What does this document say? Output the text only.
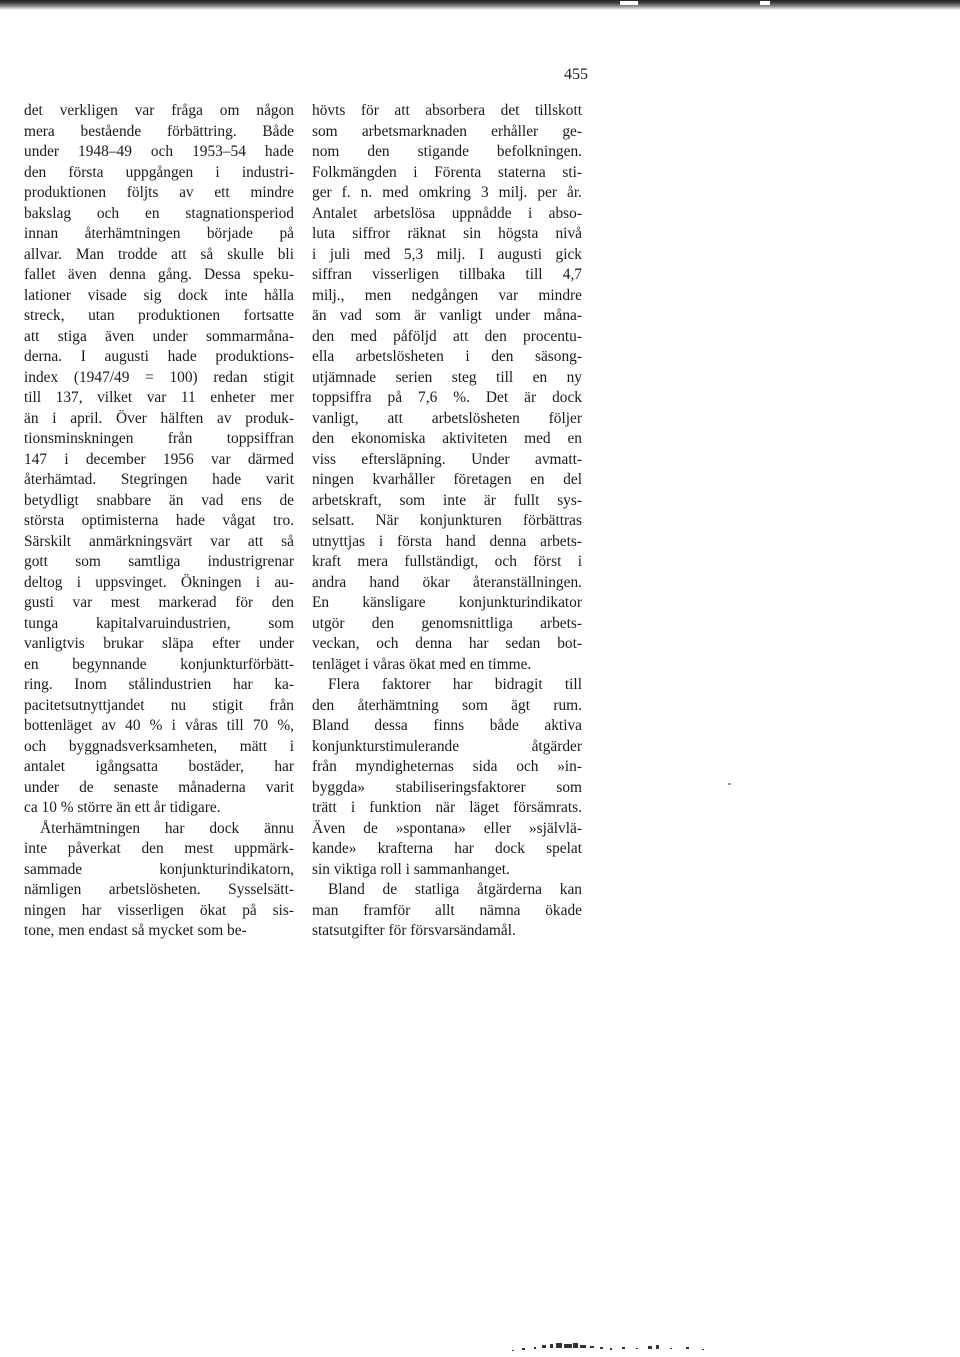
455
det verkligen var fråga om någon
mera bestående förbättring. Både
under 1948–49 och 1953–54 hade
den första uppgången i industri-
produktionen följts av ett mindre
bakslag och en stagnationsperiod
innan återhämtningen började på
allvar. Man trodde att så skulle bli
fallet även denna gång. Dessa speku-
lationer visade sig dock inte hålla
streck, utan produktionen fortsatte
att stiga även under sommarmåna-
derna. I augusti hade produktions-
index (1947/49 = 100) redan stigit
till 137, vilket var 11 enheter mer
än i april. Över hälften av produk-
tionsminskningen från toppsiffran
147 i december 1956 var därmed
återhämtad. Stegringen hade varit
betydligt snabbare än vad ens de
största optimisterna hade vågat tro.
Särskilt anmärkningsvärt var att så
gott som samtliga industrigrenar
deltog i uppsvinget. Ökningen i au-
gusti var mest markerad för den
tunga kapitalvaruindustrien, som
vanligtvis brukar släpa efter under
en begynnande konjunkturförbätt-
ring. Inom stålindustrien har ka-
pacitetsutnyttjandet nu stigit från
bottenläget av 40 % i våras till 70 %,
och byggnadsverksamheten, mätt i
antalet igångsatta bostäder, har
under de senaste månaderna varit
ca 10 % större än ett år tidigare.
Återhämtningen har dock ännu
inte påverkat den mest uppmärk-
sammade konjunkturindikatorn,
nämligen arbetslösheten. Sysselsätt-
ningen har visserligen ökat på sis-
tone, men endast så mycket som be-
hövts för att absorbera det tillskott
som arbetsmarknaden erhåller ge-
nom den stigande befolkningen.
Folkmängden i Förenta staterna sti-
ger f. n. med omkring 3 milj. per år.
Antalet arbetslösa uppnådde i abso-
luta siffror räknat sin högsta nivå
i juli med 5,3 milj. I augusti gick
siffran visserligen tillbaka till 4,7
milj., men nedgången var mindre
än vad som är vanligt under måna-
den med påföljd att den procentu-
ella arbetslösheten i den säsong-
utjämnade serien steg till en ny
toppsiffra på 7,6 %. Det är dock
vanligt, att arbetslösheten följer
den ekonomiska aktiviteten med en
viss eftersläpning. Under avmatt-
ningen kvarhåller företagen en del
arbetskraft, som inte är fullt sys-
selsatt. När konjunkturen förbättras
utnyttjas i första hand denna arbets-
kraft mera fullständigt, och först i
andra hand ökar återanställningen.
En känsligare konjunkturindikator
utgör den genomsnittliga arbets-
veckan, och denna har sedan bot-
tenläget i våras ökat med en timme.
Flera faktorer har bidragit till
den återhämtning som ägt rum.
Bland dessa finns både aktiva
konjunkturstimulerande åtgärder
från myndigheternas sida och »in-
byggda» stabiliseringsfaktorer som
trätt i funktion när läget försämrats.
Även de »spontana» eller »självlä-
kande» krafterna har dock spelat
sin viktiga roll i sammanhanget.
Bland de statliga åtgärderna kan
man framför allt nämna ökade
statsutgifter för försvarsändamål.
